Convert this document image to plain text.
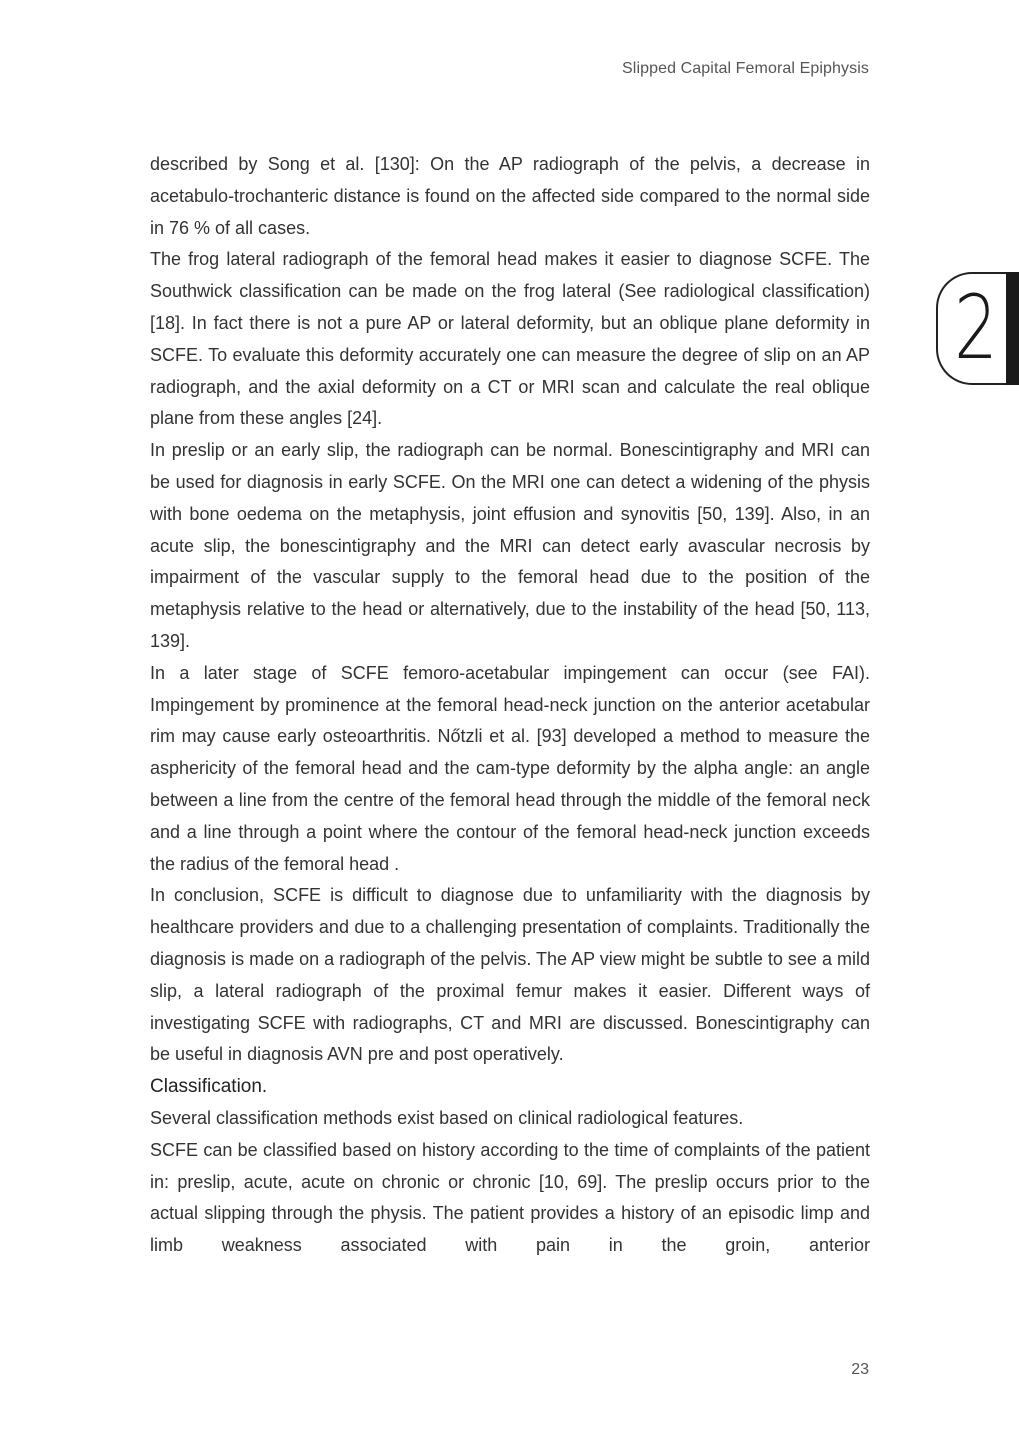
Slipped Capital Femoral Epiphysis
2

described by Song et al. [130]: On the AP radiograph of the pelvis, a decrease in acetabulo-trochanteric distance is found on the affected side compared to the normal side in 76 % of all cases.

The frog lateral radiograph of the femoral head makes it easier to diagnose SCFE. The Southwick classification can be made on the frog lateral (See radiological classification) [18]. In fact there is not a pure AP or lateral deformity, but an oblique plane deformity in SCFE. To evaluate this deformity accurately one can measure the degree of slip on an AP radiograph, and the axial deformity on a CT or MRI scan and calculate the real oblique plane from these angles [24].

In preslip or an early slip, the radiograph can be normal. Bonescintigraphy and MRI can be used for diagnosis in early SCFE. On the MRI one can detect a widening of the physis with bone oedema on the metaphysis, joint effusion and synovitis [50, 139]. Also, in an acute slip, the bonescintigraphy and the MRI can detect early avascular necrosis by impairment of the vascular supply to the femoral head due to the position of the metaphysis relative to the head or alternatively, due to the instability of the head [50, 113, 139].

In a later stage of SCFE femoro-acetabular impingement can occur (see FAI). Impingement by prominence at the femoral head-neck junction on the anterior acetabular rim may cause early osteoarthritis. Nőtzli et al. [93] developed a method to measure the asphericity of the femoral head and the cam-type deformity by the alpha angle: an angle between a line from the centre of the femoral head through the middle of the femoral neck and a line through a point where the contour of the femoral head-neck junction exceeds the radius of the femoral head .

In conclusion, SCFE is difficult to diagnose due to unfamiliarity with the diagnosis by healthcare providers and due to a challenging presentation of complaints. Traditionally the diagnosis is made on a radiograph of the pelvis. The AP view might be subtle to see a mild slip, a lateral radiograph of the proximal femur makes it easier. Different ways of investigating SCFE with radiographs, CT and MRI are discussed. Bonescintigraphy can be useful in diagnosis AVN pre and post operatively.

Classification.

Several classification methods exist based on clinical radiological features.

SCFE can be classified based on history according to the time of complaints of the patient in: preslip, acute, acute on chronic or chronic [10, 69]. The preslip occurs prior to the actual slipping through the physis. The patient provides a history of an episodic limp and limb weakness associated with pain in the groin, anterior

23
